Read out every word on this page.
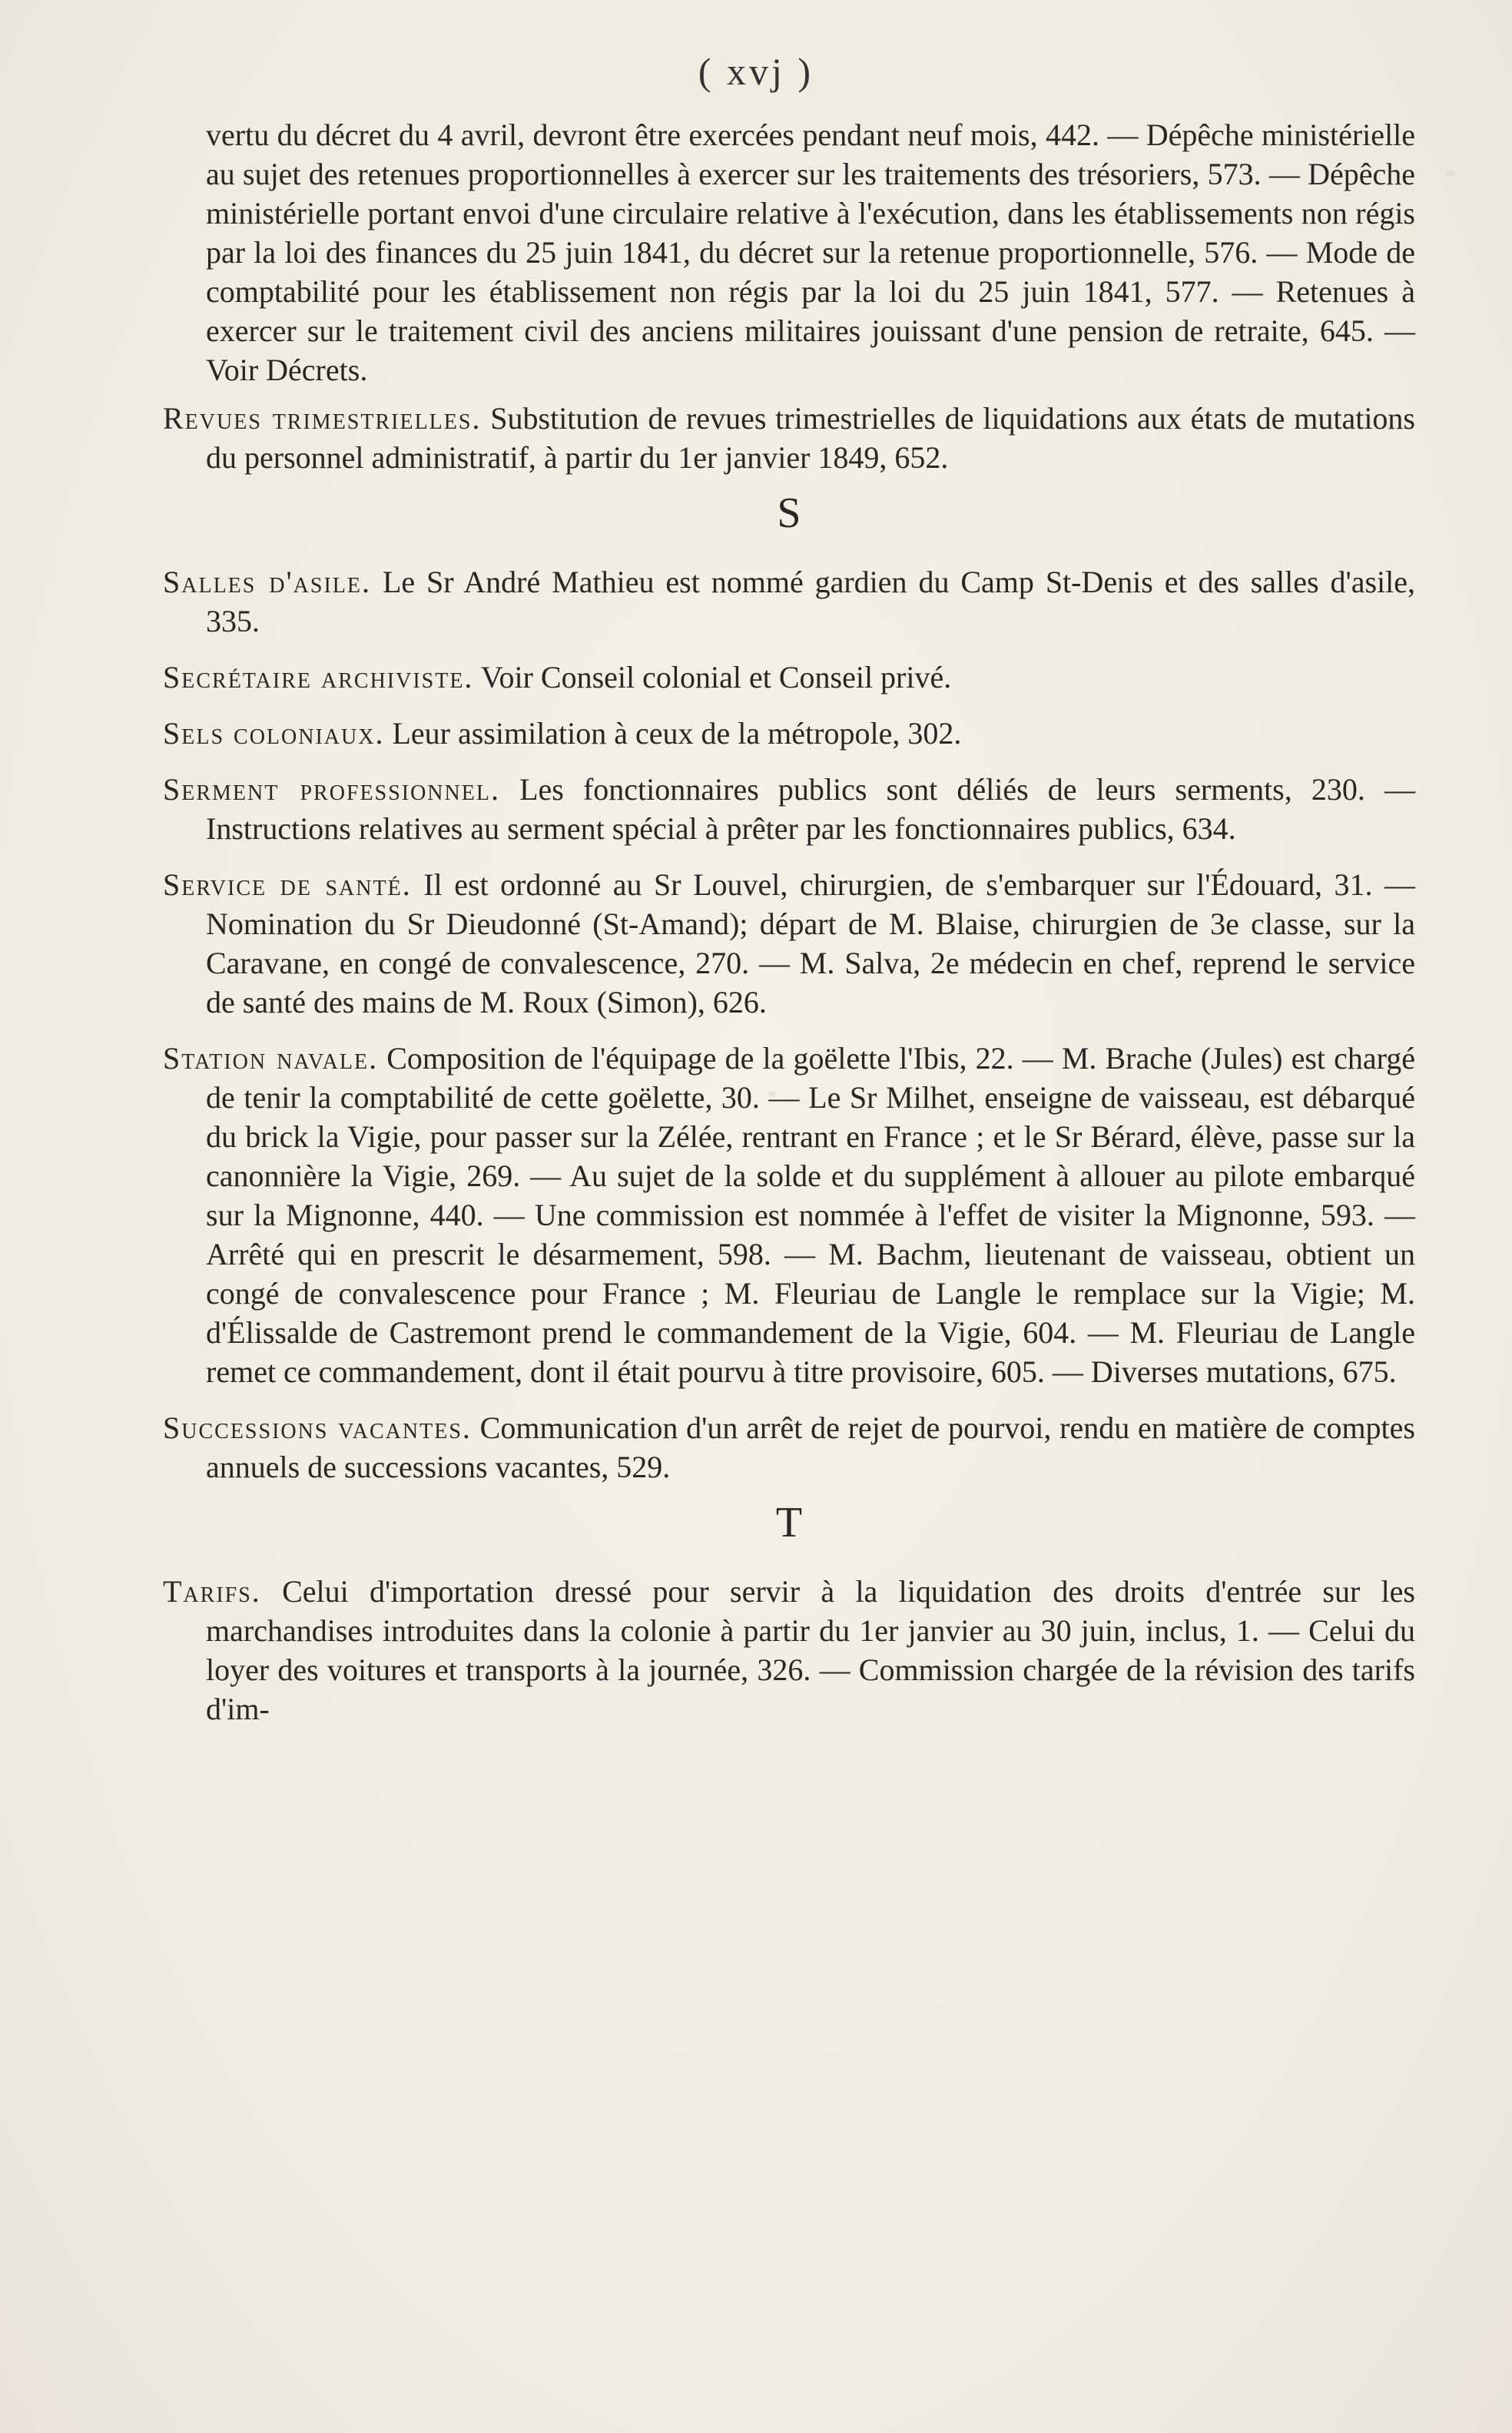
( xvj )

vertu du décret du 4 avril, devront être exercées pendant neuf mois, 442. — Dépêche ministérielle au sujet des retenues proportionnelles à exercer sur les traitements des trésoriers, 573. — Dépêche ministérielle portant envoi d'une circulaire relative à l'exécution, dans les établissements non régis par la loi des finances du 25 juin 1841, du décret sur la retenue proportionnelle, 576. — Mode de comptabilité pour les établissement non régis par la loi du 25 juin 1841, 577. — Retenues à exercer sur le traitement civil des anciens militaires jouissant d'une pension de retraite, 645. — Voir Décrets.

Revues trimestrielles. Substitution de revues trimestrielles de liquidations aux états de mutations du personnel administratif, à partir du 1er janvier 1849, 652.

S

Salles d'asile. Le Sr André Mathieu est nommé gardien du Camp St-Denis et des salles d'asile, 335.

Secrétaire archiviste. Voir Conseil colonial et Conseil privé.

Sels coloniaux. Leur assimilation à ceux de la métropole, 302.

Serment professionnel. Les fonctionnaires publics sont déliés de leurs serments, 230. — Instructions relatives au serment spécial à prêter par les fonctionnaires publics, 634.

Service de santé. Il est ordonné au Sr Louvel, chirurgien, de s'embarquer sur l'Édouard, 31. — Nomination du Sr Dieudonné (St-Amand); départ de M. Blaise, chirurgien de 3e classe, sur la Caravane, en congé de convalescence, 270. — M. Salva, 2e médecin en chef, reprend le service de santé des mains de M. Roux (Simon), 626.

Station navale. Composition de l'équipage de la goëlette l'Ibis, 22. — M. Brache (Jules) est chargé de tenir la comptabilité de cette goëlette, 30. — Le Sr Milhet, enseigne de vaisseau, est débarqué du brick la Vigie, pour passer sur la Zélée, rentrant en France ; et le Sr Bérard, élève, passe sur la canonnière la Vigie, 269. — Au sujet de la solde et du supplément à allouer au pilote embarqué sur la Mignonne, 440. — Une commission est nommée à l'effet de visiter la Mignonne, 593. — Arrêté qui en prescrit le désarmement, 598. — M. Bachm, lieutenant de vaisseau, obtient un congé de convalescence pour France ; M. Fleuriau de Langle le remplace sur la Vigie; M. d'Élissalde de Castremont prend le commandement de la Vigie, 604. — M. Fleuriau de Langle remet ce commandement, dont il était pourvu à titre provisoire, 605. — Diverses mutations, 675.

Successions vacantes. Communication d'un arrêt de rejet de pourvoi, rendu en matière de comptes annuels de successions vacantes, 529.

T

Tarifs. Celui d'importation dressé pour servir à la liquidation des droits d'entrée sur les marchandises introduites dans la colonie à partir du 1er janvier au 30 juin, inclus, 1. — Celui du loyer des voitures et transports à la journée, 326. — Commission chargée de la révision des tarifs d'im-
